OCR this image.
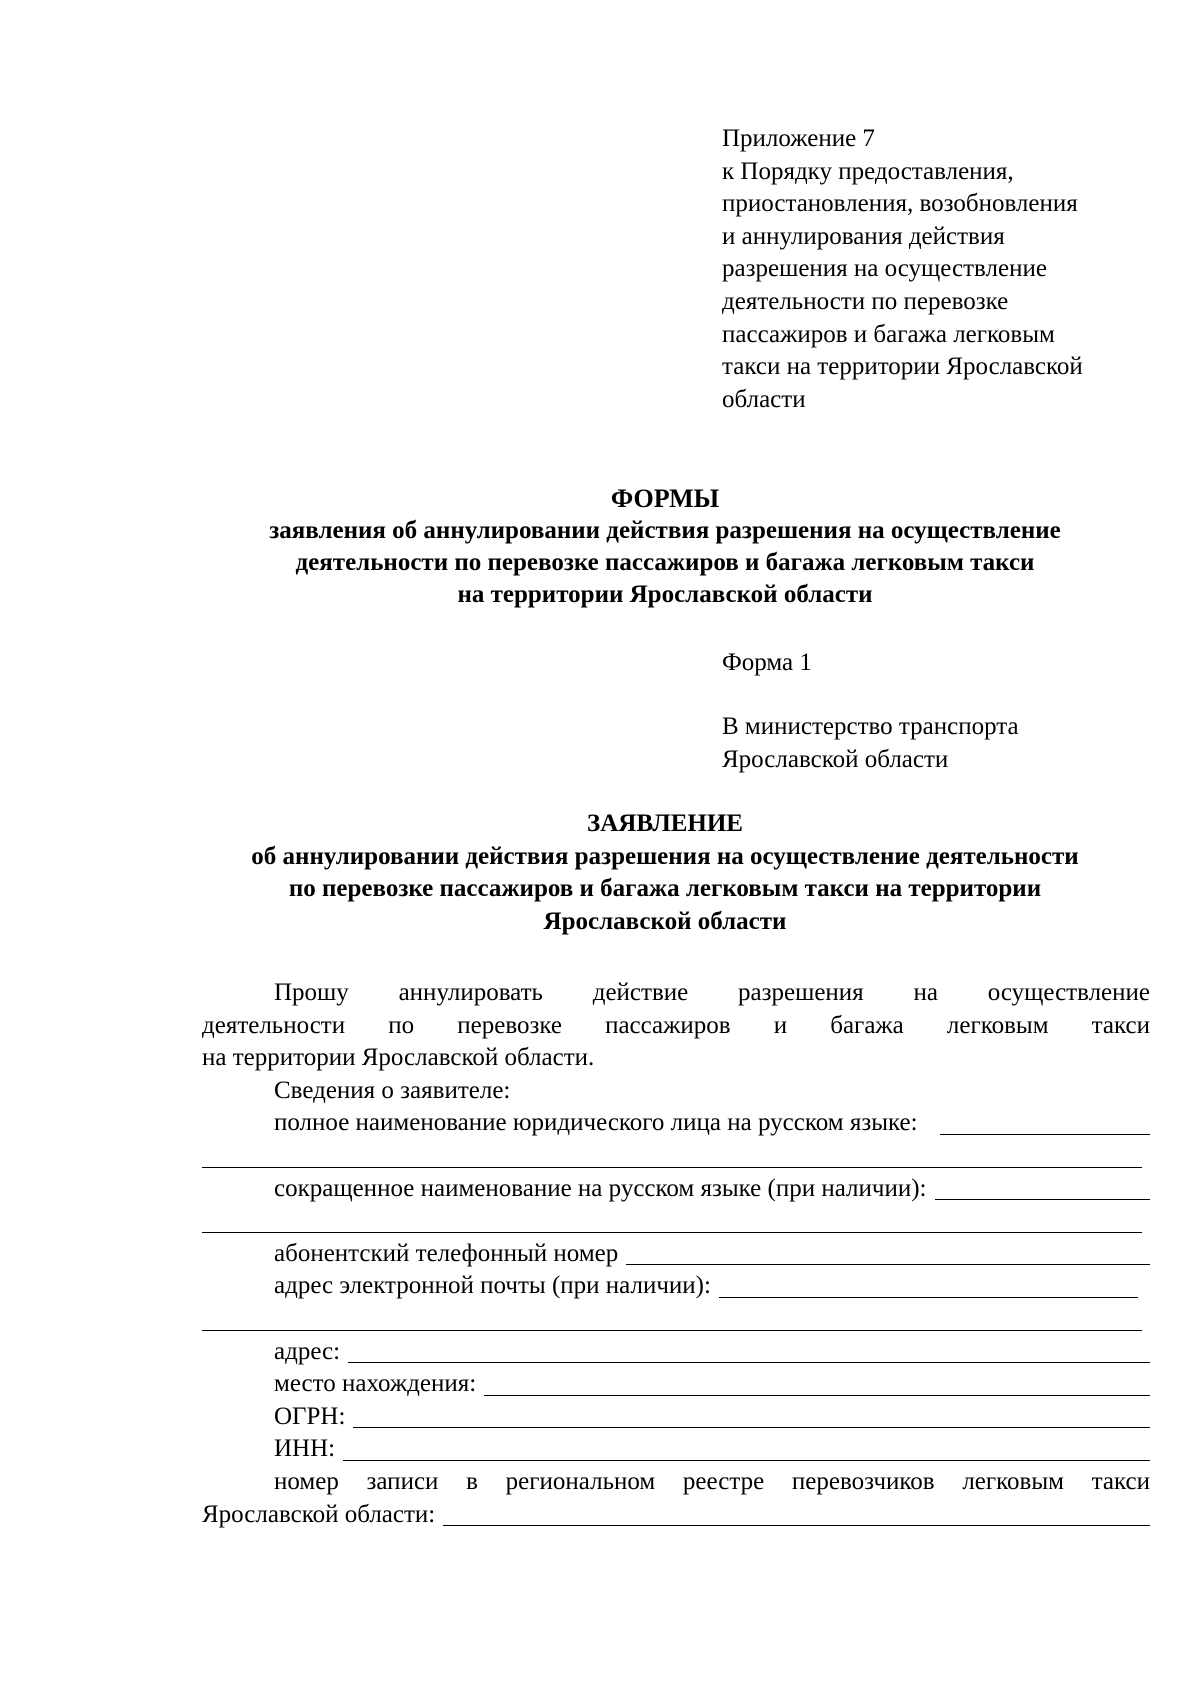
Приложение 7
к Порядку предоставления,
приостановления, возобновления
и аннулирования действия
разрешения на осуществление
деятельности по перевозке
пассажиров и багажа легковым
такси на территории Ярославской
области
ФОРМЫ
заявления об аннулировании действия разрешения на осуществление
деятельности по перевозке пассажиров и багажа легковым такси
на территории Ярославской области
Форма 1
В министерство транспорта
Ярославской области
ЗАЯВЛЕНИЕ
об аннулировании действия разрешения на осуществление деятельности
по перевозке пассажиров и багажа легковым такси на территории
Ярославской области
Прошу аннулировать действие разрешения на осуществление
деятельности по перевозке пассажиров и багажа легковым такси
на территории Ярославской области.
Сведения о заявителе:
полное наименование юридического лица на русском языке:
сокращенное наименование на русском языке (при наличии):
абонентский телефонный номер
адрес электронной почты (при наличии):
адрес:
место нахождения:
ОГРН:
ИНН:
номер записи в региональном реестре перевозчиков легковым такси
Ярославской области:
